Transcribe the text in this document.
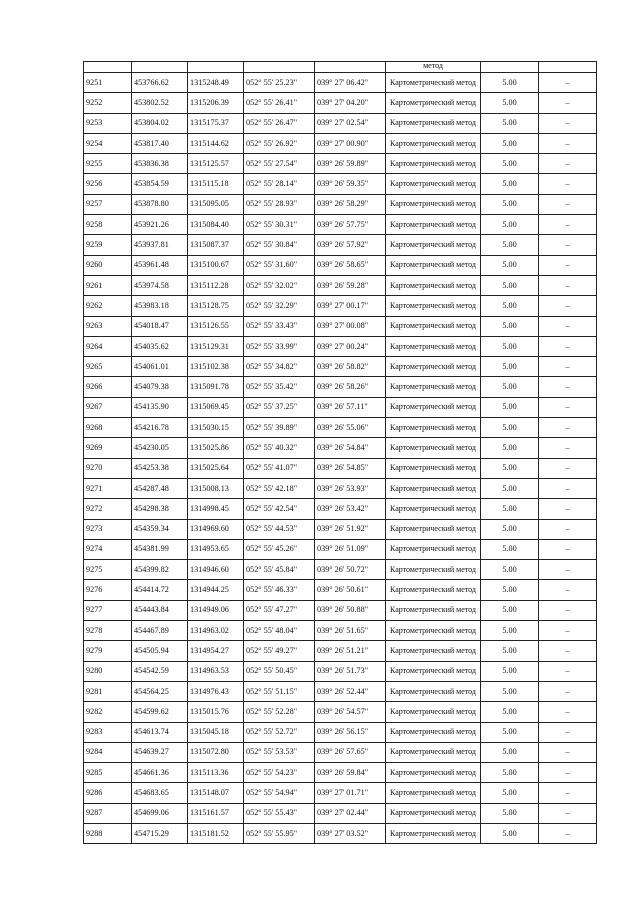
					метод		
9251	453766.62	1315248.49	052° 55' 25.23"	039° 27' 06.42"	Картометрический метод	5.00	–
9252	453802.52	1315206.39	052° 55' 26.41"	039° 27' 04.20"	Картометрический метод	5.00	–
9253	453804.02	1315175.37	052° 55' 26.47"	039° 27' 02.54"	Картометрический метод	5.00	–
9254	453817.40	1315144.62	052° 55' 26.92"	039° 27' 00.90"	Картометрический метод	5.00	–
9255	453836.38	1315125.57	052° 55' 27.54"	039° 26' 59.89"	Картометрический метод	5.00	–
9256	453854.59	1315115.18	052° 55' 28.14"	039° 26' 59.35"	Картометрический метод	5.00	–
9257	453878.80	1315095.05	052° 55' 28.93"	039° 26' 58.29"	Картометрический метод	5.00	–
9258	453921.26	1315084.40	052° 55' 30.31"	039° 26' 57.75"	Картометрический метод	5.00	–
9259	453937.81	1315087.37	052° 55' 30.84"	039° 26' 57.92"	Картометрический метод	5.00	–
9260	453961.48	1315100.67	052° 55' 31.60"	039° 26' 58.65"	Картометрический метод	5.00	–
9261	453974.58	1315112.28	052° 55' 32.02"	039° 26' 59.28"	Картометрический метод	5.00	–
9262	453983.18	1315128.75	052° 55' 32.29"	039° 27' 00.17"	Картометрический метод	5.00	–
9263	454018.47	1315126.55	052° 55' 33.43"	039° 27' 00.08"	Картометрический метод	5.00	–
9264	454035.62	1315129.31	052° 55' 33.99"	039° 27' 00.24"	Картометрический метод	5.00	–
9265	454061.01	1315102.38	052° 55' 34.82"	039° 26' 58.82"	Картометрический метод	5.00	–
9266	454079.38	1315091.78	052° 55' 35.42"	039° 26' 58.26"	Картометрический метод	5.00	–
9267	454135.90	1315069.45	052° 55' 37.25"	039° 26' 57.11"	Картометрический метод	5.00	–
9268	454216.78	1315030.15	052° 55' 39.89"	039° 26' 55.06"	Картометрический метод	5.00	–
9269	454230.05	1315025.86	052° 55' 40.32"	039° 26' 54.84"	Картометрический метод	5.00	–
9270	454253.38	1315025.64	052° 55' 41.07"	039° 26' 54.85"	Картометрический метод	5.00	–
9271	454287.48	1315008.13	052° 55' 42.18"	039° 26' 53.93"	Картометрический метод	5.00	–
9272	454298.38	1314998.45	052° 55' 42.54"	039° 26' 53.42"	Картометрический метод	5.00	–
9273	454359.34	1314969.60	052° 55' 44.53"	039° 26' 51.92"	Картометрический метод	5.00	–
9274	454381.99	1314953.65	052° 55' 45.26"	039° 26' 51.09"	Картометрический метод	5.00	–
9275	454399.82	1314946.60	052° 55' 45.84"	039° 26' 50.72"	Картометрический метод	5.00	–
9276	454414.72	1314944.25	052° 55' 46.33"	039° 26' 50.61"	Картометрический метод	5.00	–
9277	454443.84	1314949.06	052° 55' 47.27"	039° 26' 50.88"	Картометрический метод	5.00	–
9278	454467.89	1314963.02	052° 55' 48.04"	039° 26' 51.65"	Картометрический метод	5.00	–
9279	454505.94	1314954.27	052° 55' 49.27"	039° 26' 51.21"	Картометрический метод	5.00	–
9280	454542.59	1314963.53	052° 55' 50.45"	039° 26' 51.73"	Картометрический метод	5.00	–
9281	454564.25	1314976.43	052° 55' 51.15"	039° 26' 52.44"	Картометрический метод	5.00	–
9282	454599.62	1315015.76	052° 55' 52.28"	039° 26' 54.57"	Картометрический метод	5.00	–
9283	454613.74	1315045.18	052° 55' 52.72"	039° 26' 56.15"	Картометрический метод	5.00	–
9284	454639.27	1315072.80	052° 55' 53.53"	039° 26' 57.65"	Картометрический метод	5.00	–
9285	454661.36	1315113.36	052° 55' 54.23"	039° 26' 59.84"	Картометрический метод	5.00	–
9286	454683.65	1315148.07	052° 55' 54.94"	039° 27' 01.71"	Картометрический метод	5.00	–
9287	454699.06	1315161.57	052° 55' 55.43"	039° 27' 02.44"	Картометрический метод	5.00	–
9288	454715.29	1315181.52	052° 55' 55.95"	039° 27' 03.52"	Картометрический метод	5.00	–
